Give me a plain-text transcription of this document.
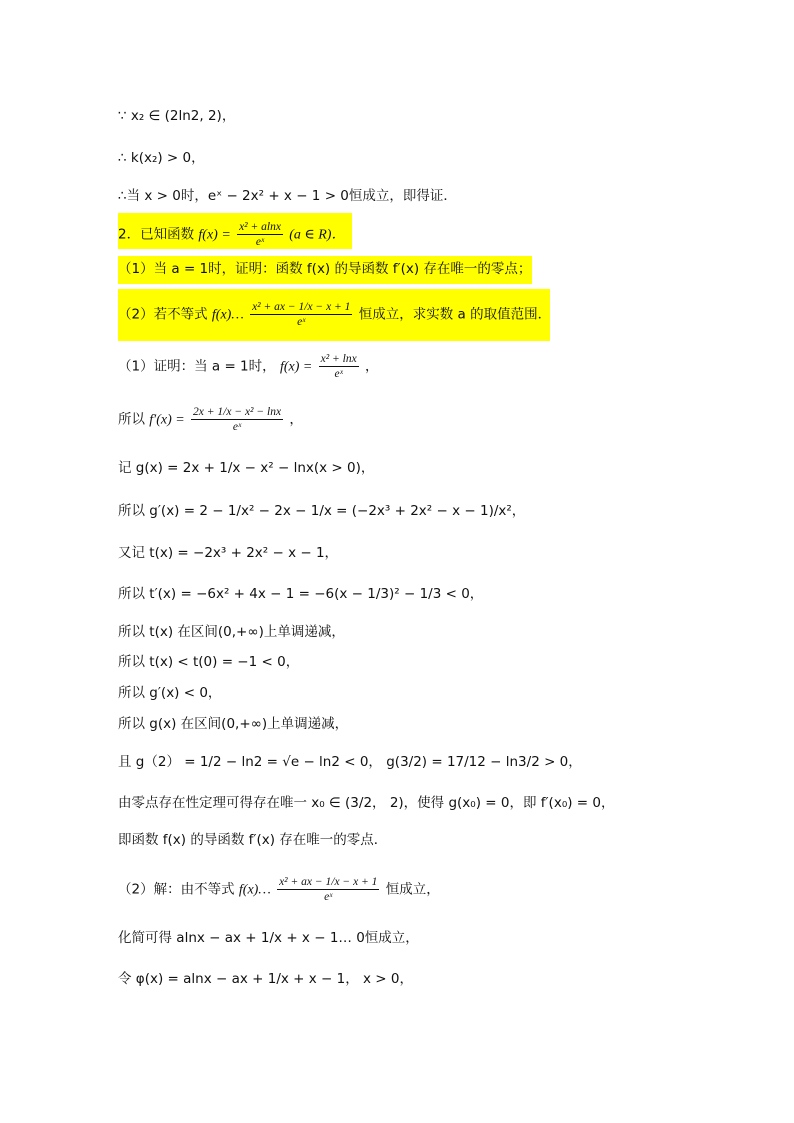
∵ x₂ ∈ (2ln2, 2)，
∴ k(x₂) > 0，
∴当 x > 0时，eˣ − 2x² + x − 1 > 0恒成立，即得证．
2．已知函数 $f(x) = \frac{\text{x² + alnx}}{\text{eˣ}} (a$ ∈ R)．
（1）当 a = 1时，证明：函数 f(x) 的导函数 f′(x) 存在唯一的零点；
（2）若不等式 f(x)… $\frac{\text{x² + ax − 1/x − x + 1}}{\text{eˣ}}$ 恒成立，求实数 a 的取值范围．
（1）证明：当 a = 1时， $f(x) = \frac{\text{x² + lnx}}{\text{eˣ}}$ ，
所以 $f'(x) = \frac{\text{2x + 1/x − x² − lnx}}{\text{eˣ}}$ ，
记 g(x) = 2x + 1/x − x² − lnx(x > 0)，
所以 g′(x) = 2 − 1/x² − 2x − 1/x = (−2x³ + 2x² − x − 1)/x²，
又记 t(x) = −2x³ + 2x² − x − 1，
所以 t′(x) = −6x² + 4x − 1 = −6(x − 1/3)² − 1/3 < 0，
所以 t(x) 在区间(0,+∞)上单调递减，
所以 t(x) < t(0) = −1 < 0，
所以 g′(x) < 0，
所以 g(x) 在区间(0,+∞)上单调递减，
且 g（2） = 1/2 − ln2 = √e − ln2 < 0， g(3/2) = 17/12 − ln3/2 > 0，
由零点存在性定理可得存在唯一 x₀ ∈ (3/2， 2)，使得 g(x₀) = 0，即 f′(x₀) = 0，
即函数 f(x) 的导函数 f′(x) 存在唯一的零点．
（2）解：由不等式 f(x)… $\frac{\text{x² + ax − 1/x − x + 1}}{\text{eˣ}}$ 恒成立，
化简可得 alnx − ax + 1/x + x − 1… 0恒成立，
令 φ(x) = alnx − ax + 1/x + x − 1， x > 0，
